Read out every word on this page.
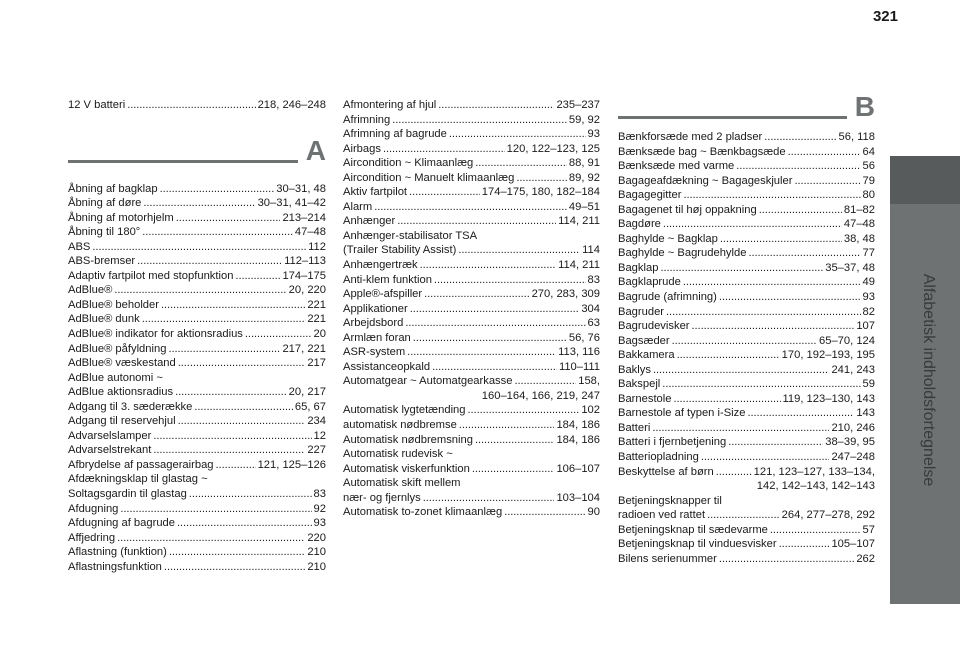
321
Alfabetisk indholdsfortegnelse
12 V batteri . . .	218, 246–248
A
Åbning af bagklap . . .	30–31, 48
Åbning af døre . . .	30–31, 41–42
Åbning af motorhjelm . . .	213–214
Åbning til 180° . . .	47–48
ABS . . .	112
ABS-bremser . . .	112–113
Adaptiv fartpilot med stopfunktion . . .	174–175
AdBlue® . . .	20, 220
AdBlue® beholder . . .	221
AdBlue® dunk . . .	221
AdBlue® indikator for aktionsradius . . .	20
AdBlue® påfyldning . . .	217, 221
AdBlue® væskestand . . .	217
AdBlue autonomi ~
AdBlue aktionsradius . . .	20, 217
Adgang til 3. sæderække . . .	65, 67
Adgang til reservehjul . . .	234
Advarselslamper . . .	12
Advarselstrekant . . .	227
Afbrydelse af passagerairbag . . .	121, 125–126
Afdækningsklap til glastag ~
Soltagsgardin til glastag . . .	83
Afdugning . . .	92
Afdugning af bagrude . . .	93
Affjedring . . .	220
Aflastning (funktion) . . .	210
Aflastningsfunktion . . .	210
Afmontering af hjul . . .	235–237
Afrimning . . .	59, 92
Afrimning af bagrude . . .	93
Airbags . . .	120, 122–123, 125
Aircondition ~ Klimaanlæg . . .	88, 91
Aircondition ~ Manuelt klimaanlæg . . .	89, 92
Aktiv fartpilot . . .	174–175, 180, 182–184
Alarm . . .	49–51
Anhænger . . .	114, 211
Anhænger-stabilisator TSA
(Trailer Stability Assist) . . .	114
Anhængertræk . . .	114, 211
Anti-klem funktion . . .	83
Apple®-afspiller . . .	270, 283, 309
Applikationer . . .	304
Arbejdsbord . . .	63
Armlæn foran . . .	56, 76
ASR-system . . .	113, 116
Assistanceopkald . . .	110–111
Automatgear ~ Automatgearkasse . . .	158,
160–164, 166, 219, 247
Automatisk lygtetænding . . .	102
automatisk nødbremse . . .	184, 186
Automatisk nødbremsning . . .	184, 186
Automatisk rudevisk ~
Automatisk viskerfunktion . . .	106–107
Automatisk skift mellem
nær- og fjernlys . . .	103–104
Automatisk to-zonet klimaanlæg . . .	90
B
Bænkforsæde med 2 pladser . . .	56, 118
Bænksæde bag ~ Bænkbagsæde . . .	64
Bænksæde med varme . . .	56
Bagageafdækning ~ Bagageskjuler . . .	79
Bagagegitter . . .	80
Bagagenet til høj oppakning . . .	81–82
Bagdøre . . .	47–48
Baghylde ~ Bagklap . . .	38, 48
Baghylde ~ Bagrudehylde . . .	77
Bagklap . . .	35–37, 48
Bagklaprude . . .	49
Bagrude (afrimning) . . .	93
Bagruder . . .	82
Bagrudevisker . . .	107
Bagsæder . . .	65–70, 124
Bakkamera . . .	170, 192–193, 195
Baklys . . .	241, 243
Bakspejl . . .	59
Barnestole . . .	119, 123–130, 143
Barnestole af typen i-Size . . .	143
Batteri . . .	210, 246
Batteri i fjernbetjening . . .	38–39, 95
Batteriopladning . . .	247–248
Beskyttelse af børn . . .	121, 123–127, 133–134,
142, 142–143, 142–143
Betjeningsknapper til
radioen ved rattet . . .	264, 277–278, 292
Betjeningsknap til sædevarme . . .	57
Betjeningsknap til vinduesvisker . . .	105–107
Bilens serienummer . . .	262
